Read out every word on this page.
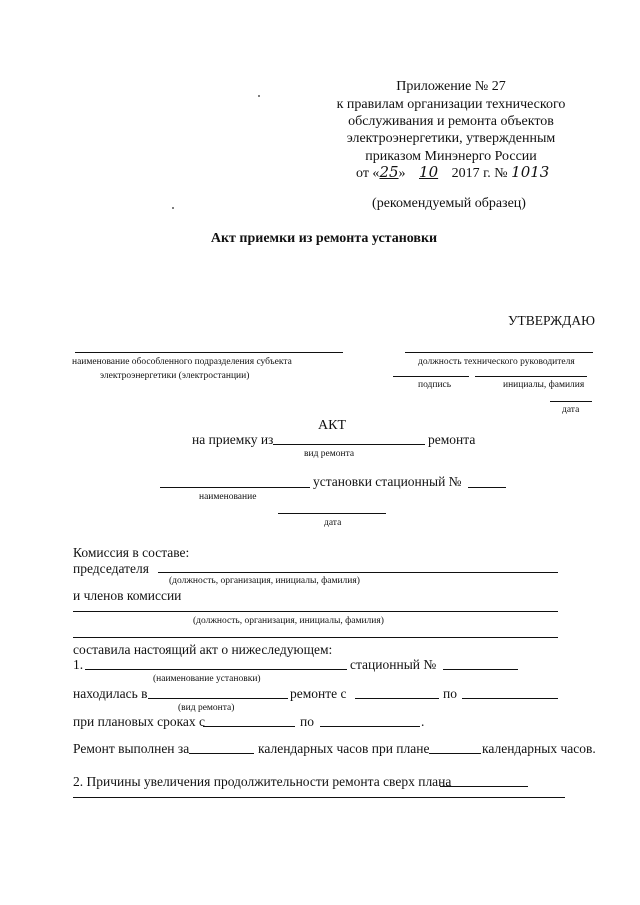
Приложение № 27
к правилам организации технического
обслуживания и ремонта объектов
электроэнергетики, утвержденным
приказом Минэнерго России
от «25» 10 2017 г. № 1013
(рекомендуемый образец)
Акт приемки из ремонта установки
УТВЕРЖДАЮ
наименование обособленного подразделения субъекта
электроэнергетики (электростанции)
должность технического руководителя
подпись	инициалы, фамилия
дата
АКТ
на приемку из	ремонта
вид ремонта
установки стационный №
наименование
дата
Комиссия в составе:
председателя
(должность, организация, инициалы, фамилия)
и членов комиссии
(должность, организация, инициалы, фамилия)
составила настоящий акт о нижеследующем:
1.	стационный №
(наименование установки)
находилась в	ремонте с	по
(вид ремонта)
при плановых сроках с	по	.
Ремонт выполнен за	календарных часов при плане	календарных часов.
2. Причины увеличения продолжительности ремонта сверх плана
